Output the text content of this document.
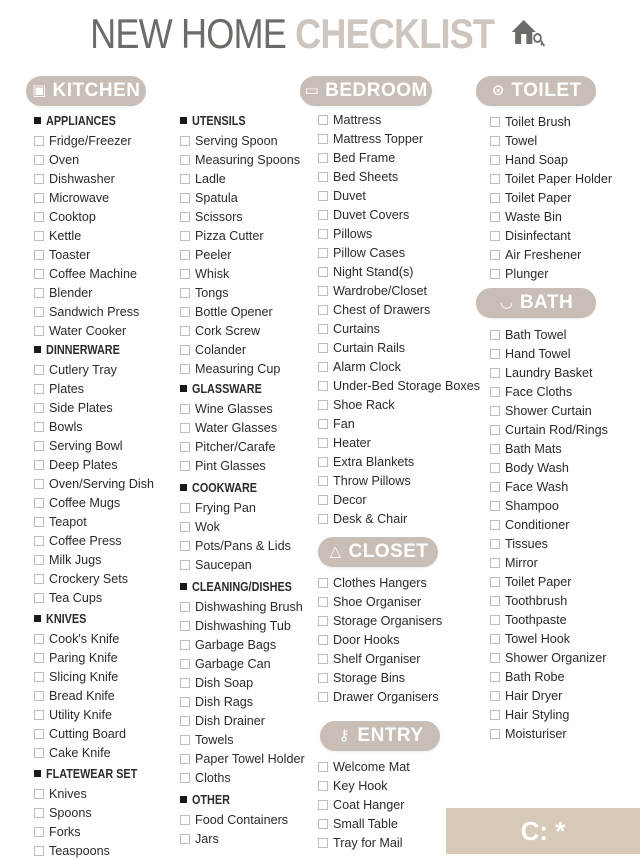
NEW HOME CHECKLIST
▣ KITCHEN
APPLIANCES
Fridge/Freezer
Oven
Dishwasher
Microwave
Cooktop
Kettle
Toaster
Coffee Machine
Blender
Sandwich Press
Water Cooker
DINNERWARE
Cutlery Tray
Plates
Side Plates
Bowls
Serving Bowl
Deep Plates
Oven/Serving Dish
Coffee Mugs
Teapot
Coffee Press
Milk Jugs
Crockery Sets
Tea Cups
KNIVES
Cook's Knife
Paring Knife
Slicing Knife
Bread Knife
Utility Knife
Cutting Board
Cake Knife
FLATEWEAR SET
Knives
Spoons
Forks
Teaspoons
UTENSILS
Serving Spoon
Measuring Spoons
Ladle
Spatula
Scissors
Pizza Cutter
Peeler
Whisk
Tongs
Bottle Opener
Cork Screw
Colander
Measuring Cup
GLASSWARE
Wine Glasses
Water Glasses
Pitcher/Carafe
Pint Glasses
COOKWARE
Frying Pan
Wok
Pots/Pans & Lids
Saucepan
CLEANING/DISHES
Dishwashing Brush
Dishwashing Tub
Garbage Bags
Garbage Can
Dish Soap
Dish Rags
Dish Drainer
Towels
Paper Towel Holder
Cloths
OTHER
Food Containers
Jars
▭ BEDROOM
Mattress
Mattress Topper
Bed Frame
Bed Sheets
Duvet
Duvet Covers
Pillows
Pillow Cases
Night Stand(s)
Wardrobe/Closet
Chest of Drawers
Curtains
Curtain Rails
Alarm Clock
Under-Bed Storage Boxes
Shoe Rack
Fan
Heater
Extra Blankets
Throw Pillows
Decor
Desk & Chair
△ CLOSET
Clothes Hangers
Shoe Organiser
Storage Organisers
Door Hooks
Shelf Organiser
Storage Bins
Drawer Organisers
⚷ ENTRY
Welcome Mat
Key Hook
Coat Hanger
Small Table
Tray for Mail
⊙ TOILET
Toilet Brush
Towel
Hand Soap
Toilet Paper Holder
Toilet Paper
Waste Bin
Disinfectant
Air Freshener
Plunger
◡ BATH
Bath Towel
Hand Towel
Laundry Basket
Face Cloths
Shower Curtain
Curtain Rod/Rings
Bath Mats
Body Wash
Face Wash
Shampoo
Conditioner
Tissues
Mirror
Toilet Paper
Toothbrush
Toothpaste
Towel Hook
Shower Organizer
Bath Robe
Hair Dryer
Hair Styling
Moisturiser
C: *
